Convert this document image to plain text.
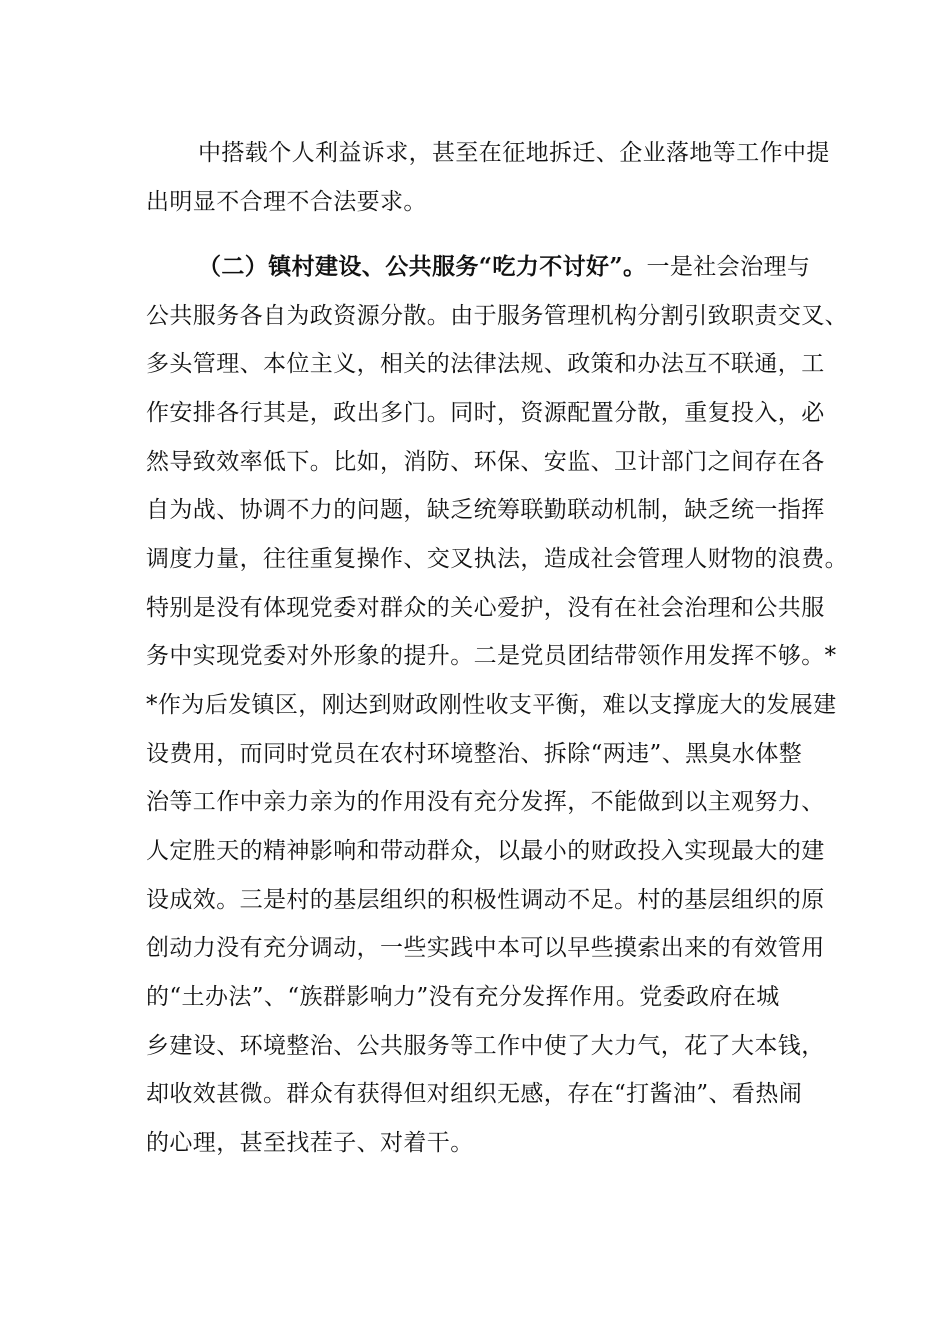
中搭载个人利益诉求，甚至在征地拆迁、企业落地等工作中提
出明显不合理不合法要求。
（二）镇村建设、公共服务“吃力不讨好”。一是社会治理与
公共服务各自为政资源分散。由于服务管理机构分割引致职责交叉、
多头管理、本位主义，相关的法律法规、政策和办法互不联通，工
作安排各行其是，政出多门。同时，资源配置分散，重复投入，必
然导致效率低下。比如，消防、环保、安监、卫计部门之间存在各
自为战、协调不力的问题，缺乏统筹联勤联动机制，缺乏统一指挥
调度力量，往往重复操作、交叉执法，造成社会管理人财物的浪费。
特别是没有体现党委对群众的关心爱护，没有在社会治理和公共服
务中实现党委对外形象的提升。二是党员团结带领作用发挥不够。*
*作为后发镇区，刚达到财政刚性收支平衡，难以支撑庞大的发展建
设费用，而同时党员在农村环境整治、拆除“两违”、黑臭水体整
治等工作中亲力亲为的作用没有充分发挥，不能做到以主观努力、
人定胜天的精神影响和带动群众，以最小的财政投入实现最大的建
设成效。三是村的基层组织的积极性调动不足。村的基层组织的原
创动力没有充分调动，一些实践中本可以早些摸索出来的有效管用
的“土办法”、“族群影响力”没有充分发挥作用。党委政府在城
乡建设、环境整治、公共服务等工作中使了大力气，花了大本钱，
却收效甚微。群众有获得但对组织无感，存在“打酱油”、看热闹
的心理，甚至找茬子、对着干。
